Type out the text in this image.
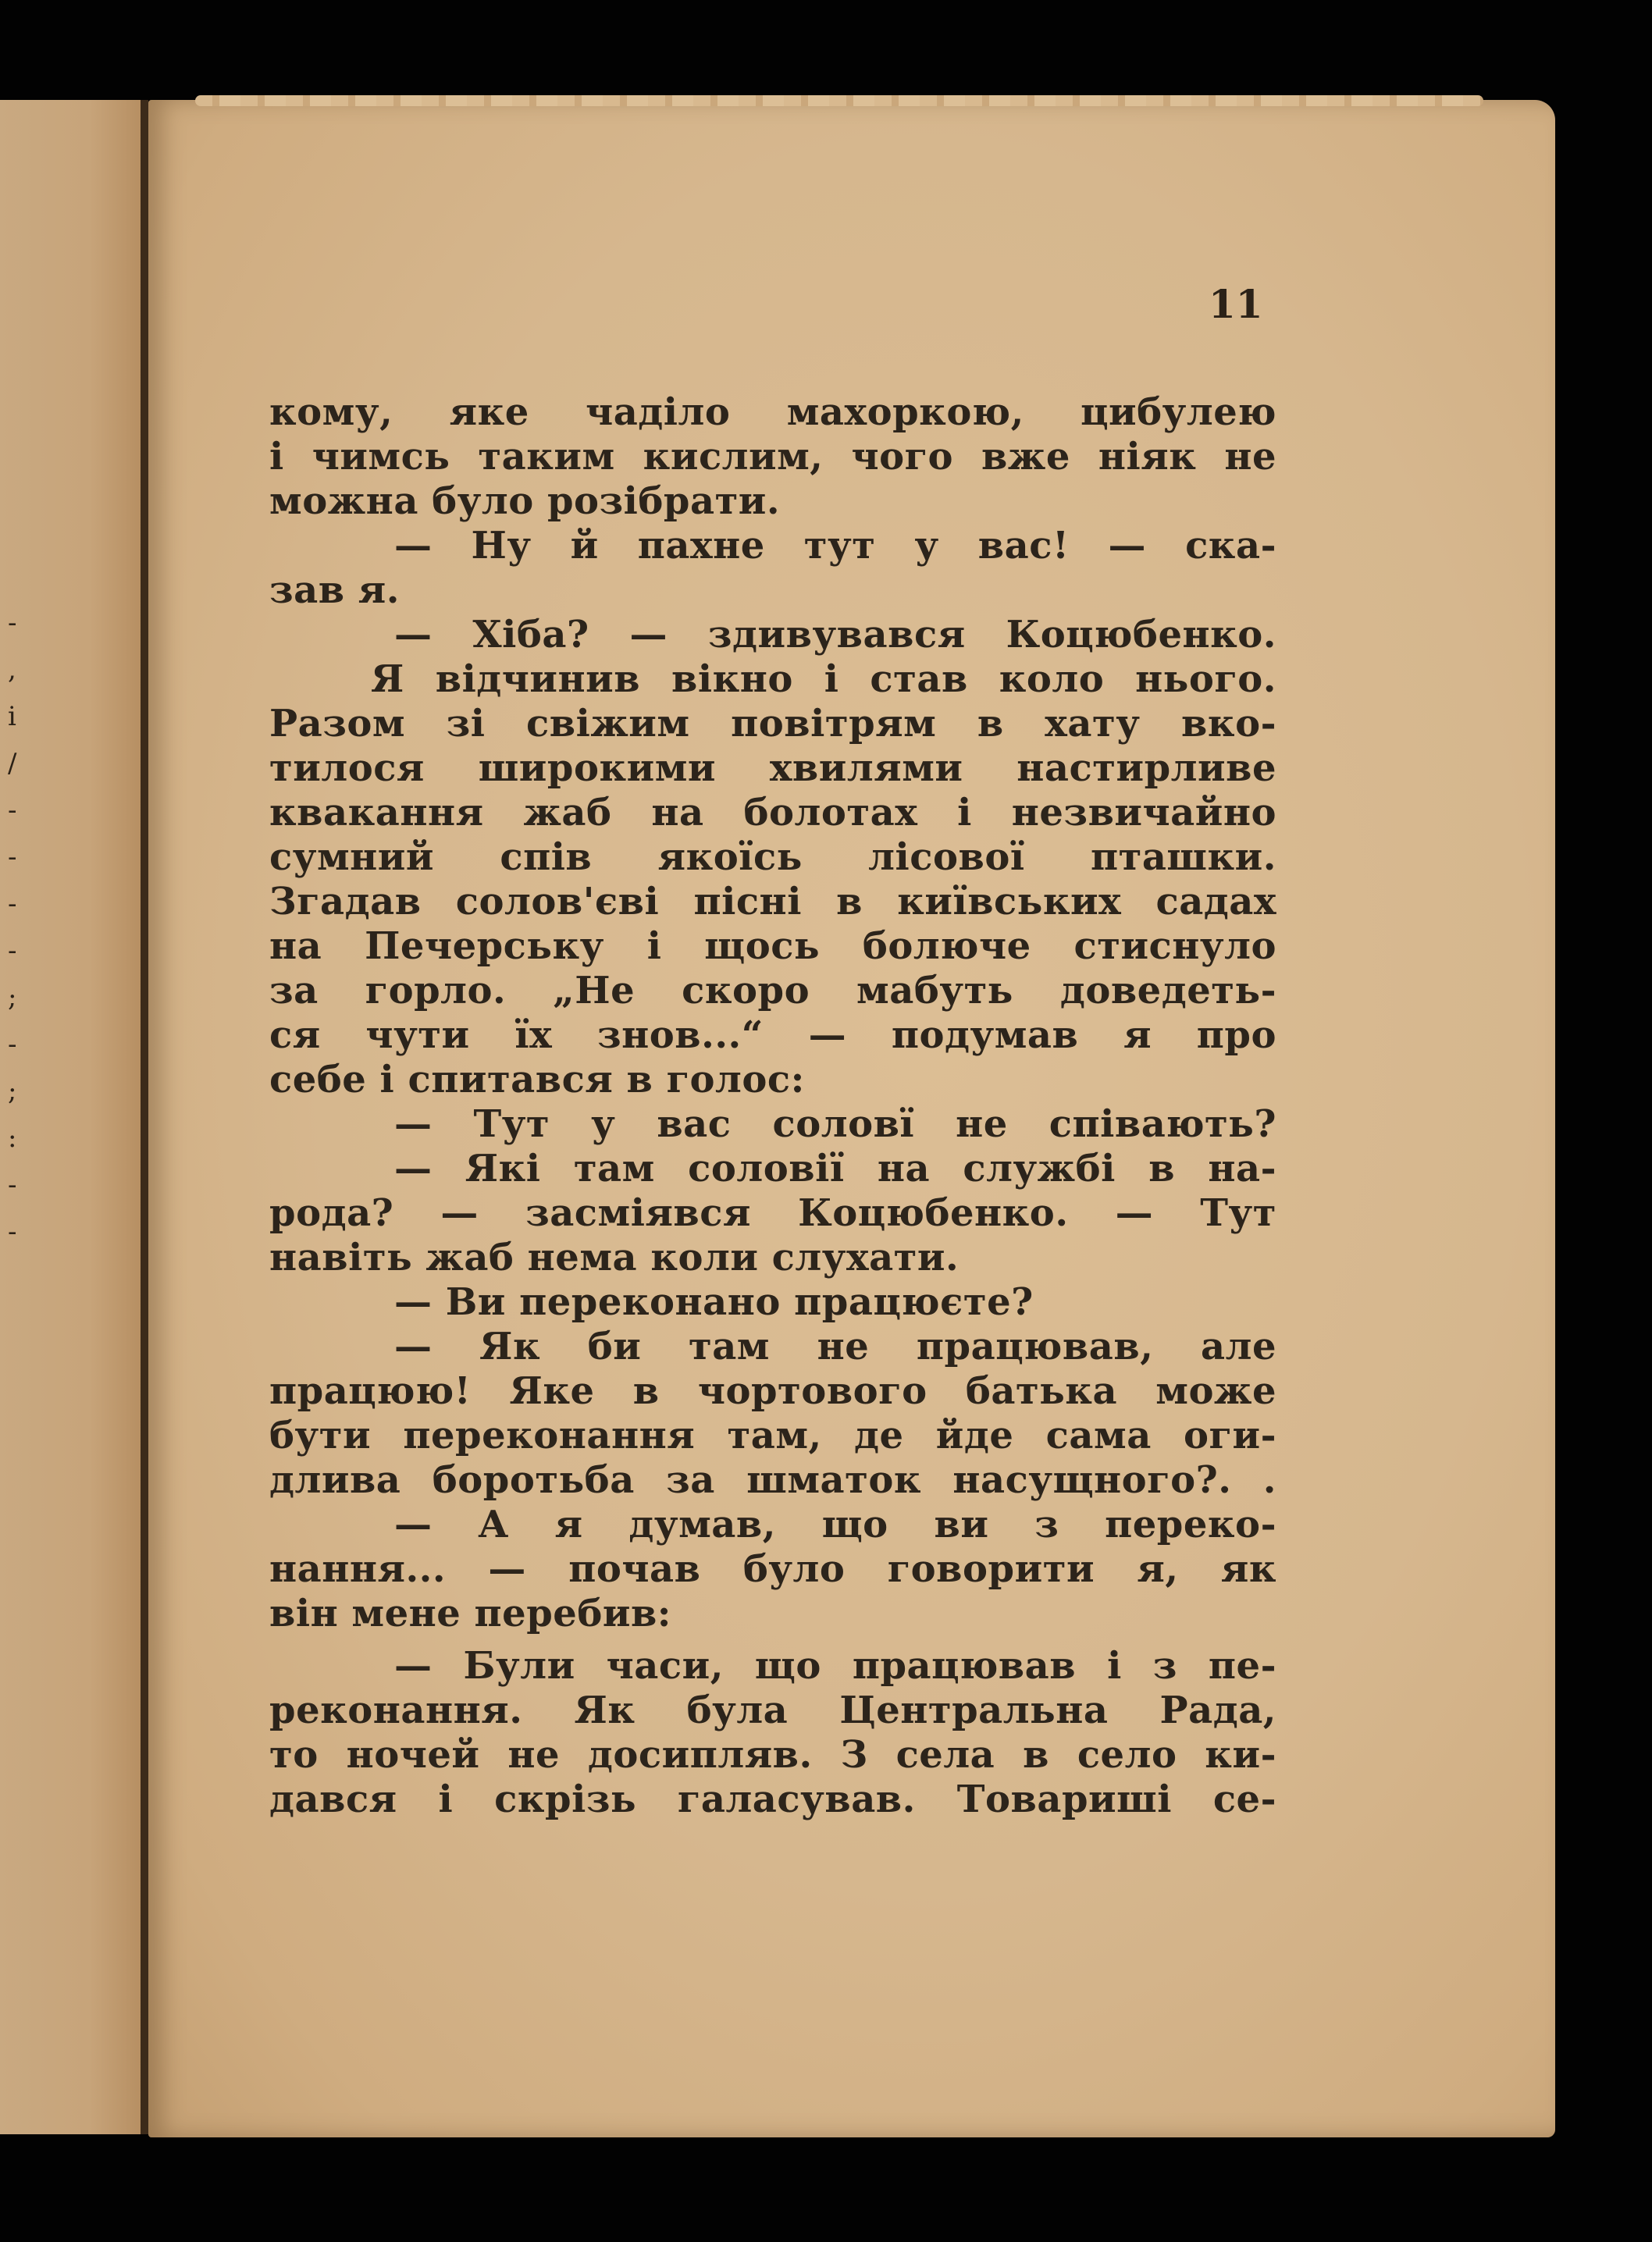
-
,
i
/
-
-
-
-
;
-
;
:
-
-
11
кому, яке чаділо махоркою, цибулею
і чимсь таким кислим, чого вже ніяк не
можна було розібрати.
— Ну й пахне тут у вас! — ска-
зав я.
— Хіба? — здивувався Коцюбенко.
Я відчинив вікно і став коло нього.
Разом зі свіжим повітрям в хату вко-
тилося широкими хвилями настирливе
квакання жаб на болотах і незвичайно
сумний спів якоїсь лісової пташки.
Згадав солов'єві пісні в київських садах
на Печерську і щось болюче стиснуло
за горло. „Не скоро мабуть доведеть-
ся чути їх знов...“ — подумав я про
себе і спитався в голос:
— Тут у вас соловї не співають?
— Які там соловії на службі в на-
рода? — засміявся Коцюбенко. — Тут
навіть жаб нема коли слухати.
— Ви переконано працюєте?
— Як би там не працював, але
працюю! Яке в чортового батька може
бути переконання там, де йде сама оги-
длива боротьба за шматок насущного?. .
— А я думав, що ви з переко-
нання... — почав було говорити я, як
він мене перебив:
— Були часи, що працював і з пе-
реконання. Як була Центральна Рада,
то ночей не досипляв. З села в село ки-
дався і скрізь галасував. Товариші се-
